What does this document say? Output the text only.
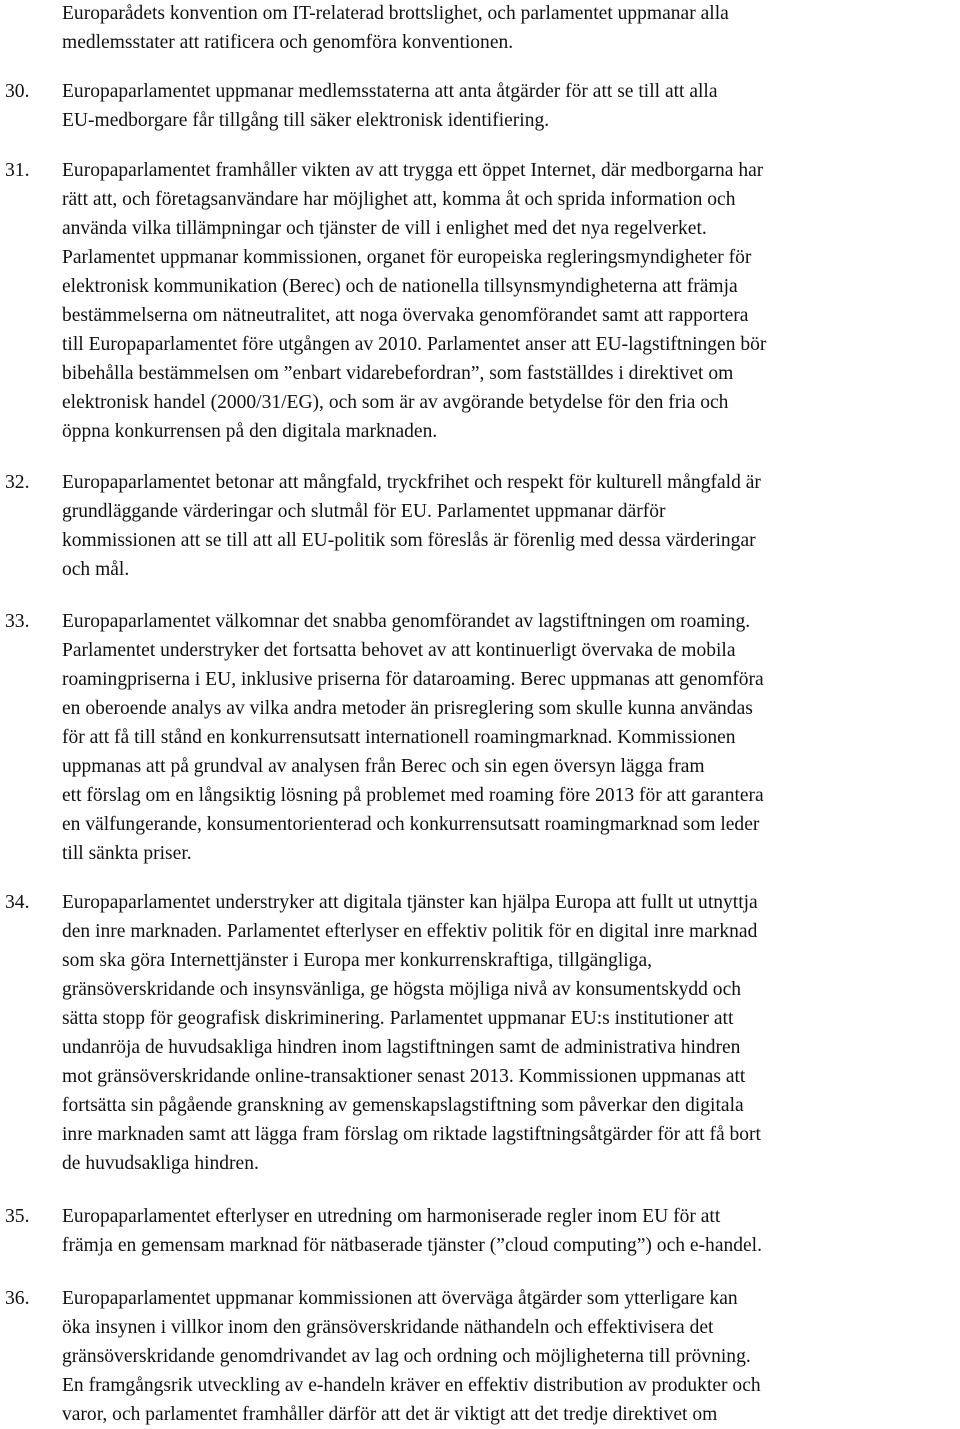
Europarådets konvention om IT-relaterad brottslighet, och parlamentet uppmanar alla
medlemsstater att ratificera och genomföra konventionen.
30.	Europaparlamentet uppmanar medlemsstaterna att anta åtgärder för att se till att alla
EU-medborgare får tillgång till säker elektronisk identifiering.
31.	Europaparlamentet framhåller vikten av att trygga ett öppet Internet, där medborgarna har
rätt att, och företagsanvändare har möjlighet att, komma åt och sprida information och
använda vilka tillämpningar och tjänster de vill i enlighet med det nya regelverket.
Parlamentet uppmanar kommissionen, organet för europeiska regleringsmyndigheter för
elektronisk kommunikation (Berec) och de nationella tillsynsmyndigheterna att främja
bestämmelserna om nätneutralitet, att noga övervaka genomförandet samt att rapportera
till Europaparlamentet före utgången av 2010. Parlamentet anser att EU-lagstiftningen bör
bibehålla bestämmelsen om ”enbart vidarebefordran”, som fastställdes i direktivet om
elektronisk handel (2000/31/EG), och som är av avgörande betydelse för den fria och
öppna konkurrensen på den digitala marknaden.
32.	Europaparlamentet betonar att mångfald, tryckfrihet och respekt för kulturell mångfald är
grundläggande värderingar och slutmål för EU. Parlamentet uppmanar därför
kommissionen att se till att all EU-politik som föreslås är förenlig med dessa värderingar
och mål.
33.	Europaparlamentet välkomnar det snabba genomförandet av lagstiftningen om roaming.
Parlamentet understryker det fortsatta behovet av att kontinuerligt övervaka de mobila
roamingpriserna i EU, inklusive priserna för dataroaming. Berec uppmanas att genomföra
en oberoende analys av vilka andra metoder än prisreglering som skulle kunna användas
för att få till stånd en konkurrensutsatt internationell roamingmarknad. Kommissionen
uppmanas att på grundval av analysen från Berec och sin egen översyn lägga fram
ett förslag om en långsiktig lösning på problemet med roaming före 2013 för att garantera
en välfungerande, konsumentorienterad och konkurrensutsatt roamingmarknad som leder
till sänkta priser.
34.	Europaparlamentet understryker att digitala tjänster kan hjälpa Europa att fullt ut utnyttja
den inre marknaden. Parlamentet efterlyser en effektiv politik för en digital inre marknad
som ska göra Internettjänster i Europa mer konkurrenskraftiga, tillgängliga,
gränsöverskridande och insynsvänliga, ge högsta möjliga nivå av konsumentskydd och
sätta stopp för geografisk diskriminering. Parlamentet uppmanar EU:s institutioner att
undanröja de huvudsakliga hindren inom lagstiftningen samt de administrativa hindren
mot gränsöverskridande online-transaktioner senast 2013. Kommissionen uppmanas att
fortsätta sin pågående granskning av gemenskapslagstiftning som påverkar den digitala
inre marknaden samt att lägga fram förslag om riktade lagstiftningsåtgärder för att få bort
de huvudsakliga hindren.
35.	Europaparlamentet efterlyser en utredning om harmoniserade regler inom EU för att
främja en gemensam marknad för nätbaserade tjänster (”cloud computing”) och e-handel.
36.	Europaparlamentet uppmanar kommissionen att överväga åtgärder som ytterligare kan
öka insynen i villkor inom den gränsöverskridande näthandeln och effektivisera det
gränsöverskridande genomdrivandet av lag och ordning och möjligheterna till prövning.
En framgångsrik utveckling av e-handeln kräver en effektiv distribution av produkter och
varor, och parlamentet framhåller därför att det är viktigt att det tredje direktivet om
